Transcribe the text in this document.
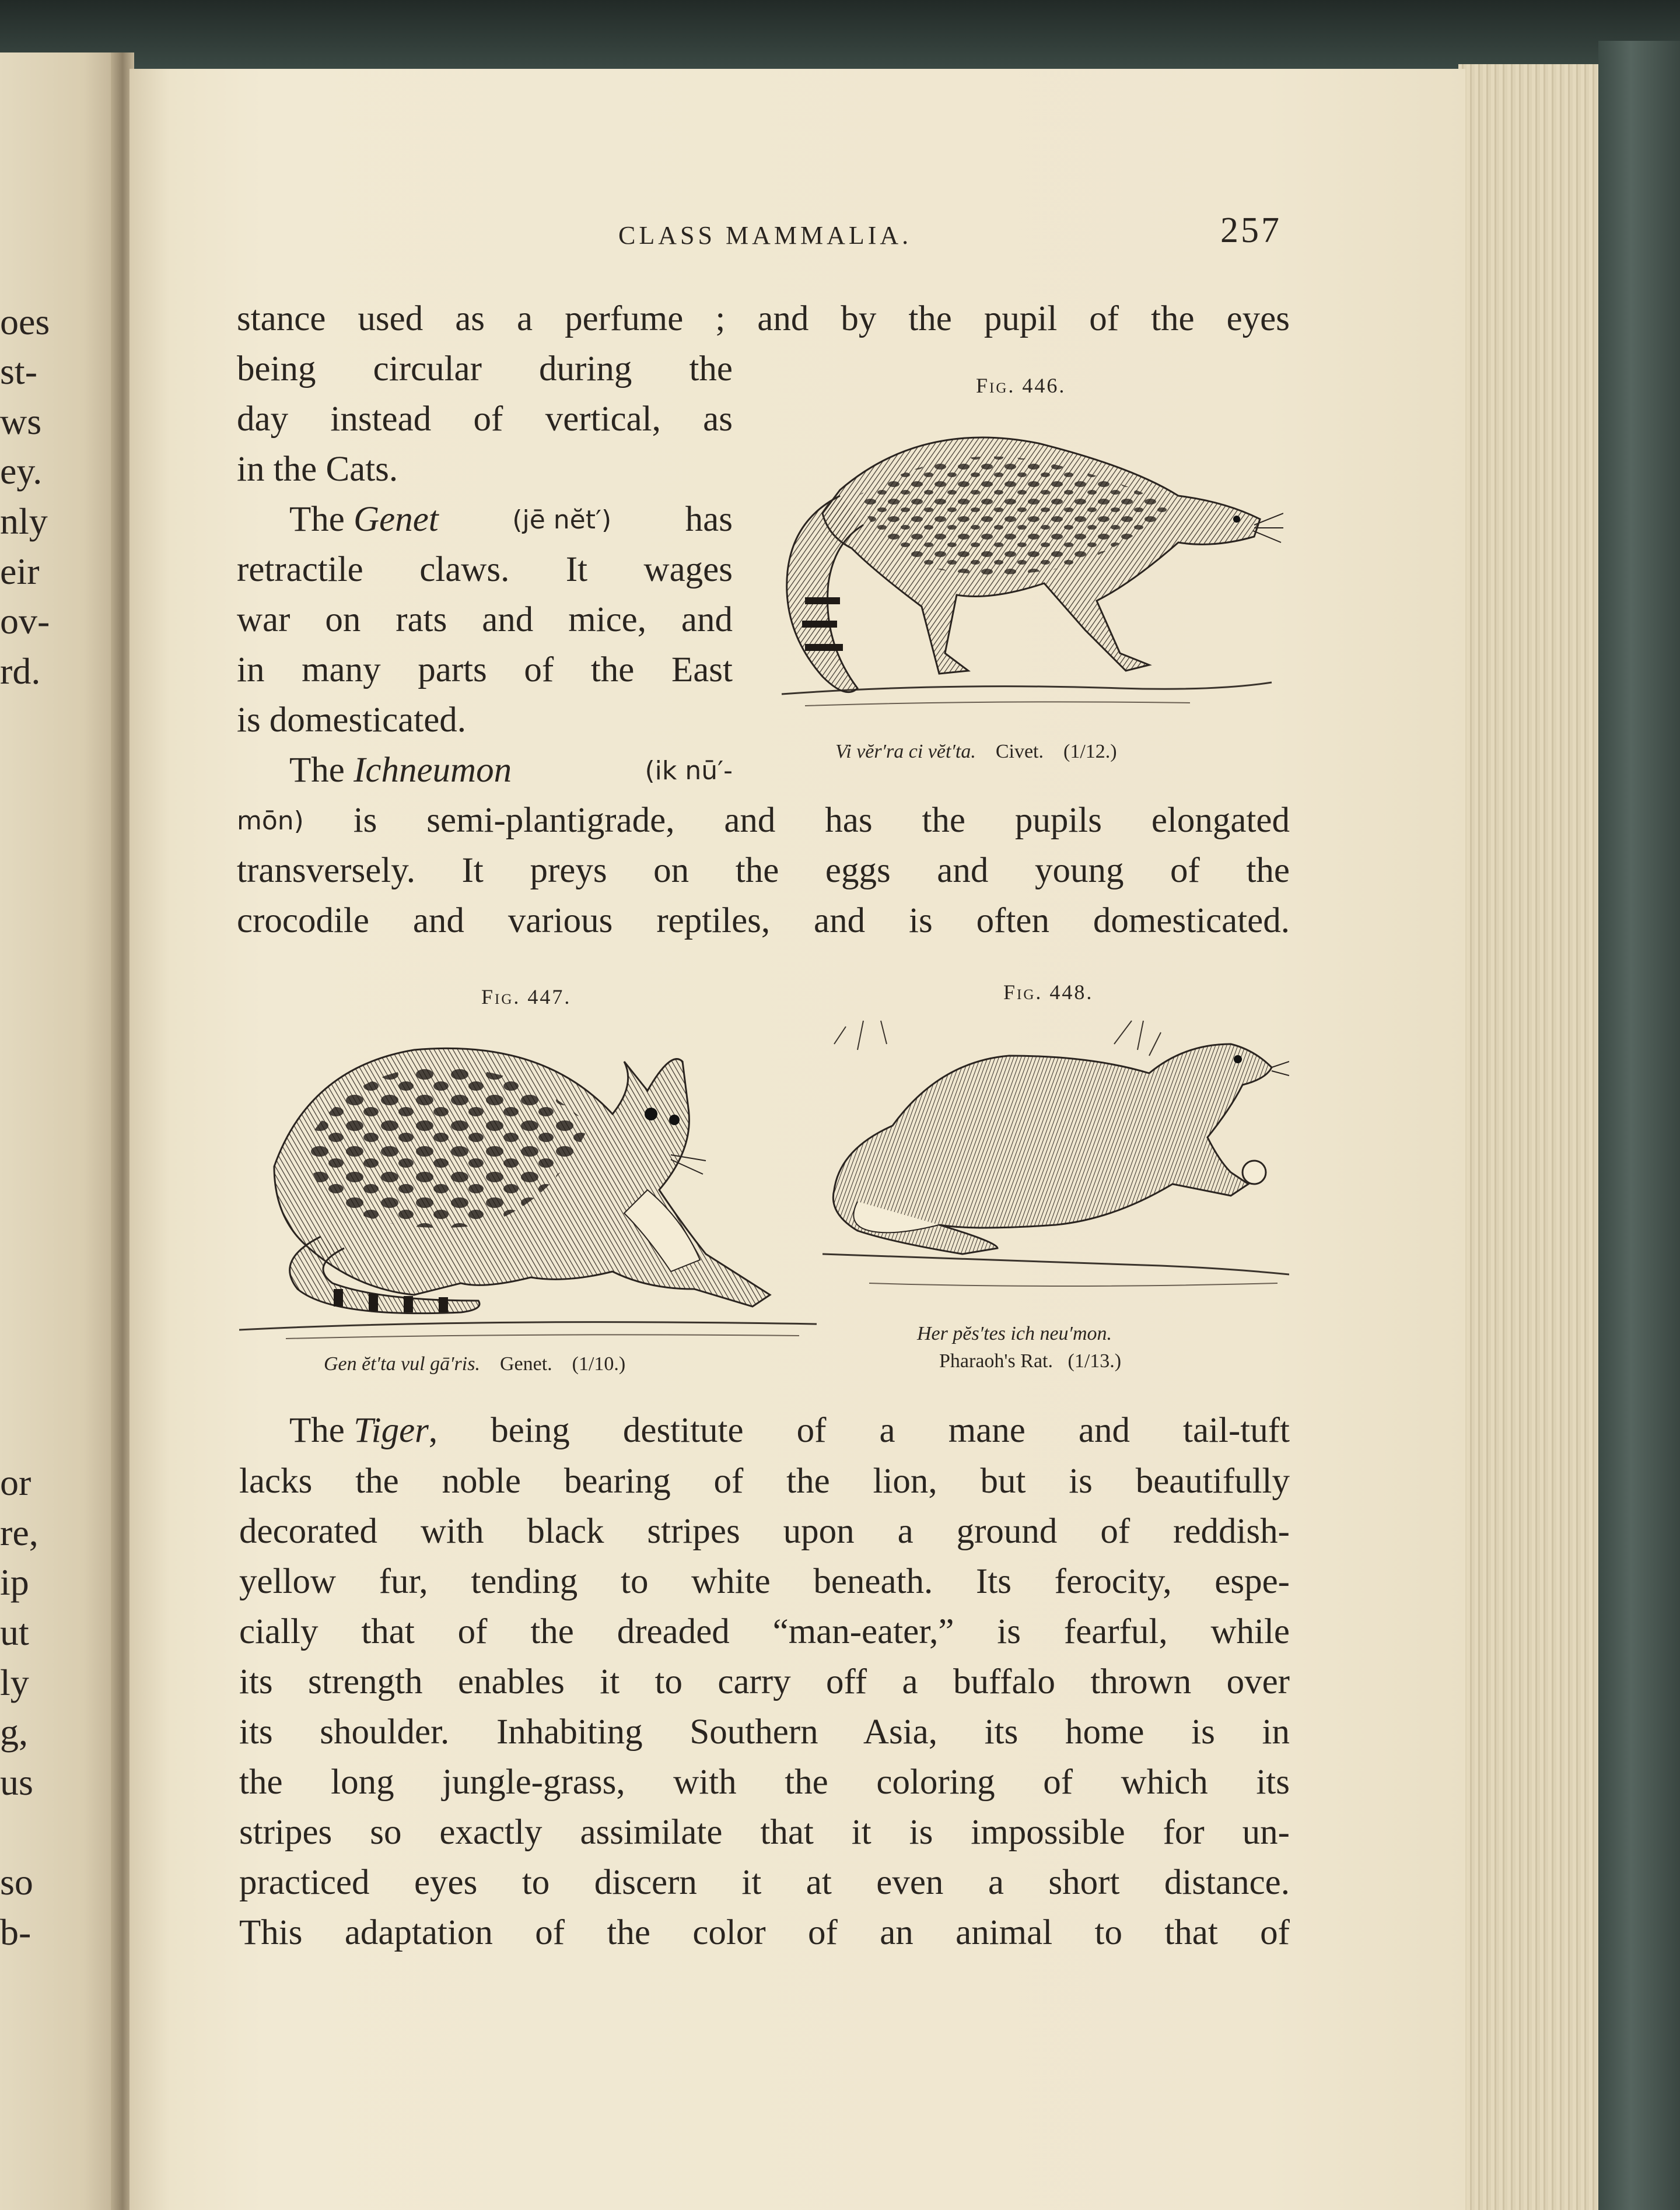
oes
st-
ws
ey.
nly
eir
ov-
rd.
or
re,
ip
ut
ly
g,
us
so
b-
CLASS MAMMALIA.	257
stance used as a perfume ; and by the pupil of the eyes
being circular during the
day instead of vertical, as
in the Cats.
The Genet	(jē nĕt′) has
retractile claws. It wages
war on rats and mice, and
in many parts of the East
is domesticated.
The Ichneumon	(ik nū′-
mōn) is semi-plantigrade, and has the pupils elongated
transversely. It preys on the eggs and young of the
crocodile and various reptiles, and is often domesticated.
Fig. 446.
Vi vĕr′ra ci vĕt′ta. Civet. (1/12.)
Fig. 447.
Gen ĕt′ta vul gā′ris. Genet. (1/10.)
Fig. 448.
Her pĕs′tes ich neu′mon.
Pharaoh's Rat. (1/13.)
The Tiger , being destitute of a mane and tail-tuft
lacks the noble bearing of the lion, but is beautifully
decorated with black stripes upon a ground of reddish-
yellow fur, tending to white beneath. Its ferocity, espe-
cially that of the dreaded “man-eater,” is fearful, while
its strength enables it to carry off a buffalo thrown over
its shoulder. Inhabiting Southern Asia, its home is in
the long jungle-grass, with the coloring of which its
stripes so exactly assimilate that it is impossible for un-
practiced eyes to discern it at even a short distance.
This adaptation of the color of an animal to that of
